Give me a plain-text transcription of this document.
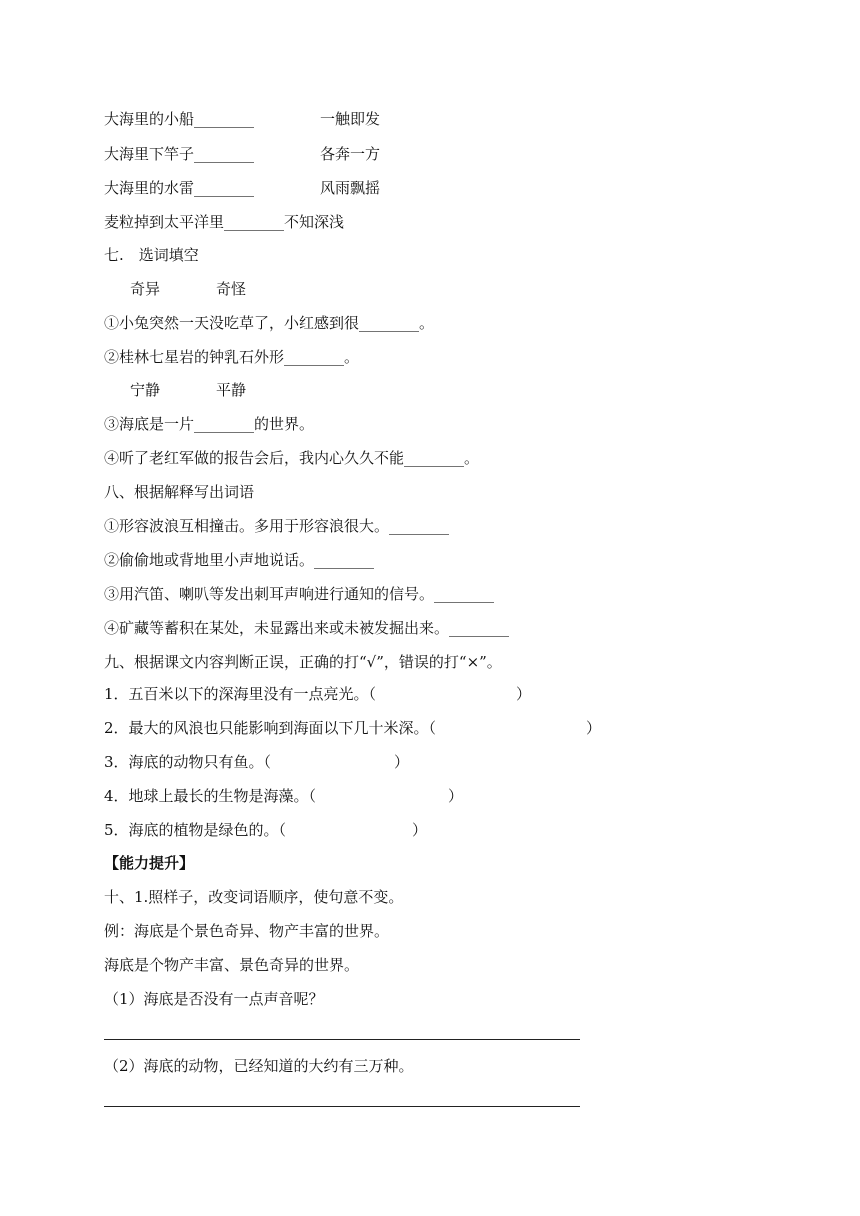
大海里的小船________	一触即发
大海里下竿子________	各奔一方
大海里的水雷________	风雨飘摇
麦粒掉到太平洋里________不知深浅
七.　选词填空
奇异	奇怪
①小兔突然一天没吃草了，小红感到很________。
②桂林七星岩的钟乳石外形________。
宁静	平静
③海底是一片________的世界。
④听了老红军做的报告会后，我内心久久不能________。
八、根据解释写出词语
①形容波浪互相撞击。多用于形容浪很大。________
②偷偷地或背地里小声地说话。________
③用汽笛、喇叭等发出刺耳声响进行通知的信号。________
④矿藏等蓄积在某处，未显露出来或未被发掘出来。________
九、根据课文内容判断正误，正确的打“√”，错误的打“×”。
1．五百米以下的深海里没有一点亮光。（	）
2．最大的风浪也只能影响到海面以下几十米深。（	）
3．海底的动物只有鱼。（	）
4．地球上最长的生物是海藻。（	）
5．海底的植物是绿色的。（	）
【能力提升】
十、1.照样子，改变词语顺序，使句意不变。
例：海底是个景色奇异、物产丰富的世界。
海底是个物产丰富、景色奇异的世界。
（1）海底是否没有一点声音呢？
（2）海底的动物，已经知道的大约有三万种。
